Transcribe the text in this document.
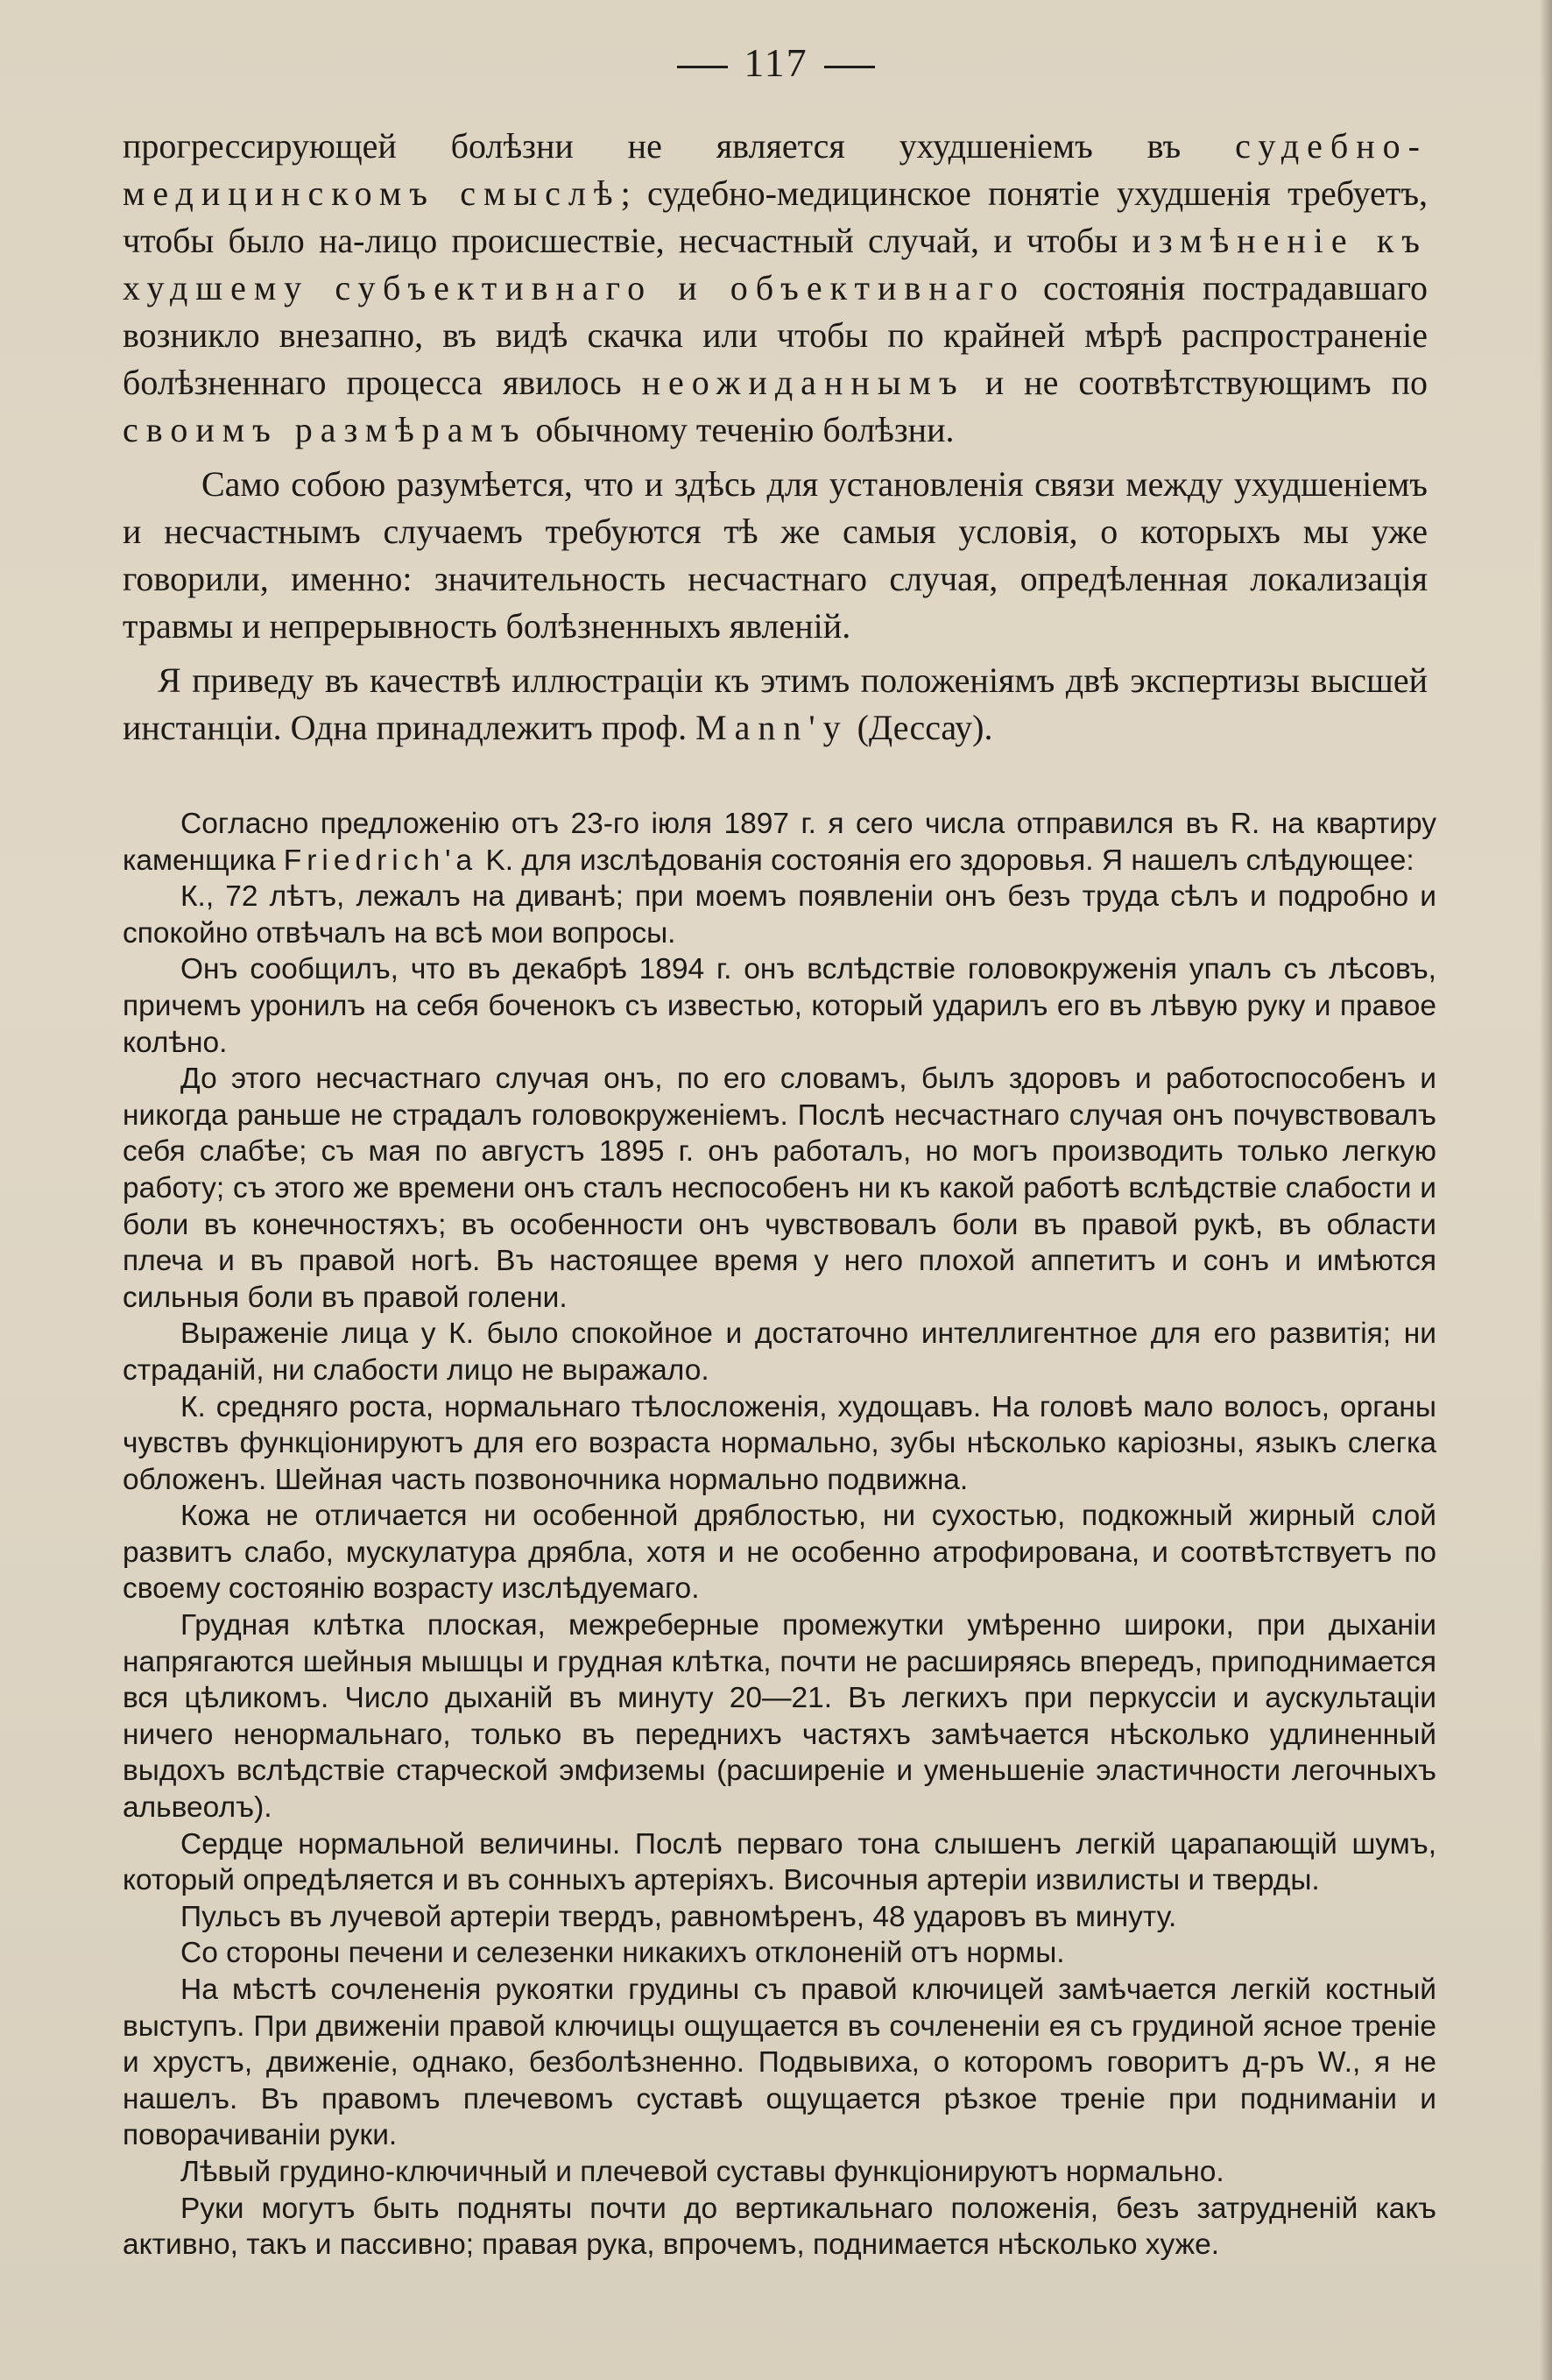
117

прогрессирующей болѣзни не является ухудшеніемъ въ судебно-медицинскомъ смыслѣ; судебно-медицинское понятіе ухудшенія требуетъ, чтобы было на-лицо происшествіе, несчастный случай, и чтобы измѣненіе къ худшему субъективнаго и объективнаго состоянія пострадавшаго возникло внезапно, въ видѣ скачка или чтобы по крайней мѣрѣ распространеніе болѣзненнаго процесса явилось неожиданнымъ и не соотвѣтствующимъ по своимъ размѣрамъ обычному теченію болѣзни.

Само собою разумѣется, что и здѣсь для установленія связи между ухудшеніемъ и несчастнымъ случаемъ требуются тѣ же самыя условія, о которыхъ мы уже говорили, именно: значительность несчастнаго случая, опредѣленная локализація травмы и непрерывность болѣзненныхъ явленій.

Я приведу въ качествѣ иллюстраціи къ этимъ положеніямъ двѣ экспертизы высшей инстанціи. Одна принадлежитъ проф. Mann'у (Дессау).

Согласно предложенію отъ 23-го іюля 1897 г. я сего числа отправился въ R. на квартиру каменщика Friedrich'a K. для изслѣдованія состоянія его здоровья. Я нашелъ слѣдующее:

К., 72 лѣтъ, лежалъ на диванѣ; при моемъ появленіи онъ безъ труда сѣлъ и подробно и спокойно отвѣчалъ на всѣ мои вопросы.

Онъ сообщилъ, что въ декабрѣ 1894 г. онъ вслѣдствіе головокруженія упалъ съ лѣсовъ, причемъ уронилъ на себя боченокъ съ известью, который ударилъ его въ лѣвую руку и правое колѣно.

До этого несчастнаго случая онъ, по его словамъ, былъ здоровъ и работоспособенъ и никогда раньше не страдалъ головокруженіемъ. Послѣ несчастнаго случая онъ почувствовалъ себя слабѣе; съ мая по августъ 1895 г. онъ работалъ, но могъ производить только легкую работу; съ этого же времени онъ сталъ неспособенъ ни къ какой работѣ вслѣдствіе слабости и боли въ конечностяхъ; въ особенности онъ чувствовалъ боли въ правой рукѣ, въ области плеча и въ правой ногѣ. Въ настоящее время у него плохой аппетитъ и сонъ и имѣются сильныя боли въ правой голени.

Выраженіе лица у К. было спокойное и достаточно интеллигентное для его развитія; ни страданій, ни слабости лицо не выражало.

К. средняго роста, нормальнаго тѣлосложенія, худощавъ. На головѣ мало волосъ, органы чувствъ функціонируютъ для его возраста нормально, зубы нѣсколько каріозны, языкъ слегка обложенъ. Шейная часть позвоночника нормально подвижна.

Кожа не отличается ни особенной дряблостью, ни сухостью, подкожный жирный слой развитъ слабо, мускулатура дрябла, хотя и не особенно атрофирована, и соотвѣтствуетъ по своему состоянію возрасту изслѣдуемаго.

Грудная клѣтка плоская, межреберные промежутки умѣренно широки, при дыханіи напрягаются шейныя мышцы и грудная клѣтка, почти не расширяясь впередъ, приподнимается вся цѣликомъ. Число дыханій въ минуту 20—21. Въ легкихъ при перкуссіи и аускультаціи ничего ненормальнаго, только въ переднихъ частяхъ замѣчается нѣсколько удлиненный выдохъ вслѣдствіе старческой эмфиземы (расширеніе и уменьшеніе эластичности легочныхъ альвеолъ).

Сердце нормальной величины. Послѣ перваго тона слышенъ легкій царапающій шумъ, который опредѣляется и въ сонныхъ артеріяхъ. Височныя артеріи извилисты и тверды.

Пульсъ въ лучевой артеріи твердъ, равномѣренъ, 48 ударовъ въ минуту.

Со стороны печени и селезенки никакихъ отклоненій отъ нормы.

На мѣстѣ сочлененія рукоятки грудины съ правой ключицей замѣчается легкій костный выступъ. При движеніи правой ключицы ощущается въ сочлененіи ея съ грудиной ясное треніе и хрустъ, движеніе, однако, безболѣзненно. Подвывиха, о которомъ говоритъ д-ръ W., я не нашелъ. Въ правомъ плечевомъ суставѣ ощущается рѣзкое треніе при подниманіи и поворачиваніи руки.

Лѣвый грудино-ключичный и плечевой суставы функціонируютъ нормально.

Руки могутъ быть подняты почти до вертикальнаго положенія, безъ затрудненій какъ активно, такъ и пассивно; правая рука, впрочемъ, поднимается нѣсколько хуже.
